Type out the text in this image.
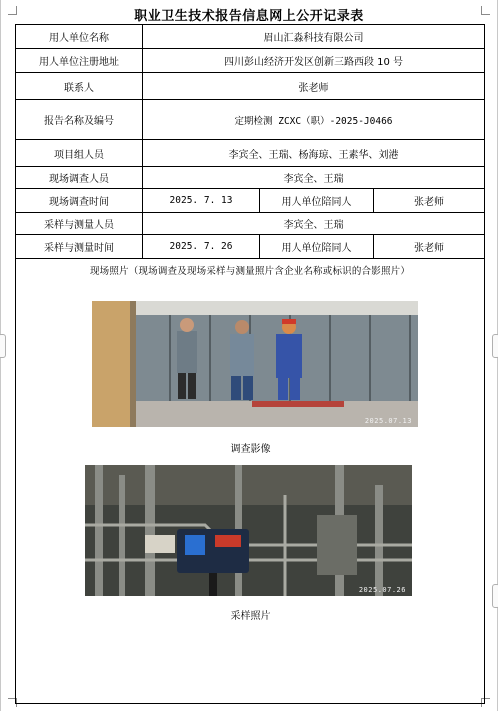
职业卫生技术报告信息网上公开记录表
用人单位名称	眉山汇淼科技有限公司		
用人单位注册地址	四川彭山经济开发区创新三路西段 10 号		
联系人	张老师		
报告名称及编号	定期检测 ZCXC（职）-2025-J0466		
项目组人员	李宾全、王瑞、杨海琼、王素华、刘港		
现场调查人员	李宾全、王瑞		
现场调查时间	2025. 7. 13	用人单位陪同人	张老师
采样与测量人员	李宾全、王瑞		
采样与测量时间	2025. 7. 26	用人单位陪同人	张老师

现场照片（现场调查及现场采样与测量照片含企业名称或标识的合影照片）
2025.07.13
调查影像
2025.07.26
采样照片			
